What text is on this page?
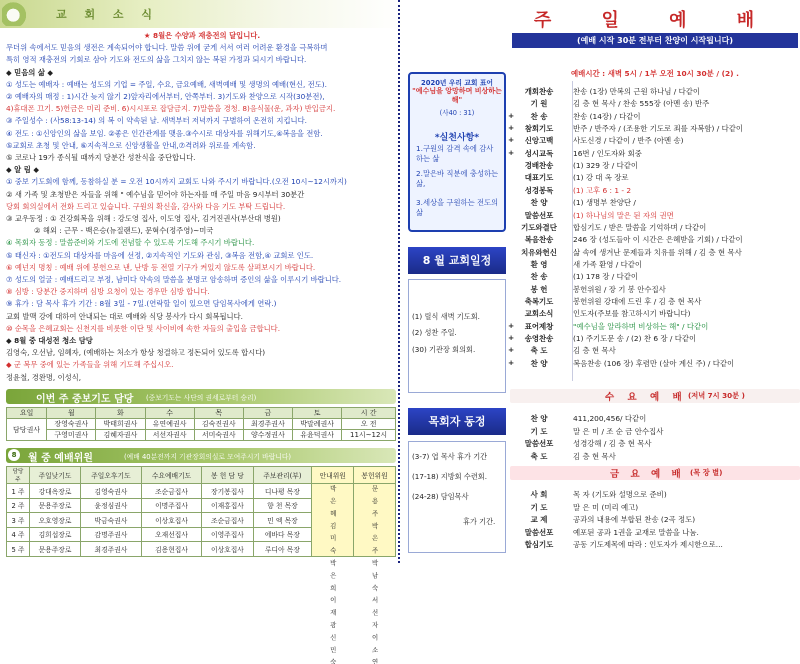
교 회 소 식

★ 8월은 수양과 재충전의 달입니다.

무더위 속에서도 믿음의 생전은 계속되어야 합니다. 말씀 위에 굳게 서서 여러 어려운 환경을 극복하며

특히 영적 재충전의 기회로 삼아 기도와 전도의 삶을 그치지 않는 복된 가정과 되시기 바랍니다.

◆ 믿음의 삶 ◆

① 성도는 예배자 : 예배는 성도의 기업 = 주일, 수요, 금요예배, 새벽예배 및 생명의 예배(현신, 전도).

② 예배자의 매정 : 1)시간 늦지 않기 2)앞자리에서부터, 안쪽부터. 3)기도와 찬양으로 시작(30분전),

4)휴대폰 끄기. 5)헌금은 미리 준비. 6)시시포로 잡담금지. 7)말씀을 경청. 8)음식물(운, 과자) 반입금지.

③ 주일성수 : (사58:13-14) 의 복 이 약속된 날. 새벽부터 저녁까지 구별하여 온전히 지킵니다.

④ 전도 : ①신앙인의 삶을 보임. ②좋은 인간관계를 맺음.③수시로 대상자를 위해기도,④복음을 전함.

⑤교회로 초청 및 안내, ⑥지속적으로 신앙생활을 안내,⑦격려와 위로를 계속함.

⑤ 코로나 19가 종식될 때까지 당분간 성찬식을 중단합니다.

◆ 알 림 ◆

① 중보 기도회에 함께, 동참하실 분 = 오전 10시까지 교회도 나와 주시기 바랍니다.(오전 10시~12시까지)

② 새 가족 및 초청받은 자들을 위해 " 예수님을 믿어야 하는자를 매 주일 마음 9시부터 30분간

당회 회의실에서 전화 드리고 있습니다. 구원의 확신을, 감사와 다음 기도 부탁 드립니다.

③ 교우동정 : ① 건강회복을 위해 : 강도영 집사, 이도영 집사, 김거진권사(부산대 병원)

② 해외 : 근무 - 백은승(뉴질랜드), 문혁수(정주영)~미국

④ 목회자 동정 : 말씀준비와 기도에 전념할 수 있도록 기도해 주시기 바랍니다.

⑤ 태신자 : ①전도의 대상자를 마음에 선정, ②지속적인 기도와 관심, ③복음 전함,④ 교회로 인도.

⑥ 예넌지 명칭 : 예배 위에 봉헌으로 낸, 난방 등 전열 기구가 켜있지 않도록 살펴보시기 바랍니다.

⑦ 성도의 얼굴 : 예배드리고 부정, 남미다 약속의 말씀을 분명코 암송하며 증인의 삶을 이루시기 바랍니다.

⑧ 심방 : 당분간 중지하며 심방 요청이 있는 경우만 심방 합니다.

⑨ 휴가 : 담 목사 휴가 기간 : 8월 3일 - 7일.(연락할 일이 있으면 담임목사에게 연락.)

교회 발맥 강에 대하여 안내되는 대로 예배와 식당 봉사가 다시 회복됩니다.

⑩ 순목을 은혜교회는 신천지를 비롯한 이단 및 사이비에 속한 자들의 출입을 금합니다.

◆ 8월 중 대성전 청소 담당

김영숙, 오선남, 임혜자, (예배하는 처소가 항상 청결하고 정돈되어 있도록 합시다)

◆ 군 복무 중에 있는 가족들을 위해 기도해 주십시오.

정윤철, 경완명, 이성식,

이번 주 중보기도 담당 (중보기도는 사단의 권세로부터 승리)
요일	월	화	수	목	금	토	시 간
담당권사	장영숙권사	박태희권사	유연예권사	김숙진권사	최경주권사	박말례권사	오 전
	구영미권사	김혜자권사	서선자권사	서미숙권사	양수정권사	유윤덕권사	11시~12시
8	월 중 예배위원	(예배 40분전까지 기관장회의실로 모여주시기 바랍니다)
담당
주	주일낮기도	주일오후기도	수요예배기도	봉 헌 담 당	주보관리(부)	안내위원	봉헌위원
1 주	강대옥장로	김영숙권사	조순금집사	장기봉집사	디나평 목장	박 은 혜 김 미 숙 박 은 희 이 재 광 신 민 숙	문 용 주 박 은 주 박 남 숙 서 선 자 이 소 연

2 주	문용주장로	윤정심권사	이명주집사	이재홍집사	향 천 목장		
3 주	오호영장로	박금숙권사	이상호집사	조순금집사	민 엑 목장		
4 주	김희섭장로	감명주권사	오재선집사	이영주집사	에바다 목장		
5 주	문용주장로	최경주권사	김용현집사	이상호집사	루디아 목장		
주 일 예 배
(예배 시작 30분 전부터 찬양이 시작됩니다)
2020년 우리 교회 표어
"예수님을 앙망하며 비상하는 해"
(사40 : 31)
*실천사항*
1.구원의 감격 속에 감사하는 삶
2.말은바 직분에 충성하는 삶,
3.세상을 구원하는 전도의 삶
8 월 교회일정

(1) 릴식 새벽 기도회.

(2) 성찬 주일.

(30) 기관장 회의회.

목회자 동정

(3-7) 엽 목사 휴가 기간

(17-18) 지방회 수련회.

(24-28) 담임목사

휴가 기간.

예배시간 : 새벽 5시 / 1부 오전 10시 30분 / (2) .
개회찬송	찬송 (1장) 만복의 근원 하나님 / 다같이
기 원	김 층 현 목사 / 찬송 555장 (아멘 송) 반주
+	찬 송	찬송 (14장) / 다같이
+	참회기도	반주 / 반주자 / (조용한 기도로 죄를 자복함) / 다같이
+	신앙고백	사도신경 / 다같이 / 반주 (아멘 송)
+	성시교독	16번 / 인도자와 회중
경배찬송	(1) 329 장 / 다같이
대표기도	(1) 강 대 옥 장로
성경봉독	(1) 고후 6 : 1 - 2
찬 양	(1) 생명부 찬양단 /
말씀선포	(1) 하나님의 말은 된 자의 권면
기도와결단	합심기도 / 받은 말씀을 기억하며 / 다같이
복음찬송	246 장 (성도들아 이 시간은 은혜받을 기회) / 다같이
치유와헌신	삶 속에 생겨난 문제들과 치유를 위해 / 김 층 현 목사
환 영	새 가족 환영 / 다같이
찬 송	(1) 178 장 / 다같이
봉 헌	봉헌위원 / 장 기 봉 안수집사
축복기도	봉헌위원 강대에 드린 후 / 김 층 현 목사
교회소식	인도자(주보를 참고하시기 바랍니다)
+	표어제창	"예수님을 알라하며 비상하는 해" / 다같이
+	송영찬송	(1) 주기도문 송 / (2) 찬 6 장 / 다같이
+	축 도	김 층 현 목사
+	찬 양	복음찬송 (106 장) 후렴만 (살아 계신 주) / 다같이
수 요 예 배 (저녁 7시 30분 )
찬 양	411,200,456/ 다같이
기 도	말 은 미 / 조 순 금 안수집사
말씀선포	성경강해 / 김 층 현 목사
축 도	김 층 현 목사
금 요 예 배 (목 장 별)
사 회	목 자 (기도와 설명으로 준비)
기 도	말 은 미 (미리 예고)
교 제	공과의 내용에 부합된 찬송 (2곡 정도)
말씀선포	예포된 공과 1권을 교재로 말씀을 나눔.
합심기도	공동 기도제목에 따라 : 인도자가 제시한으로...
